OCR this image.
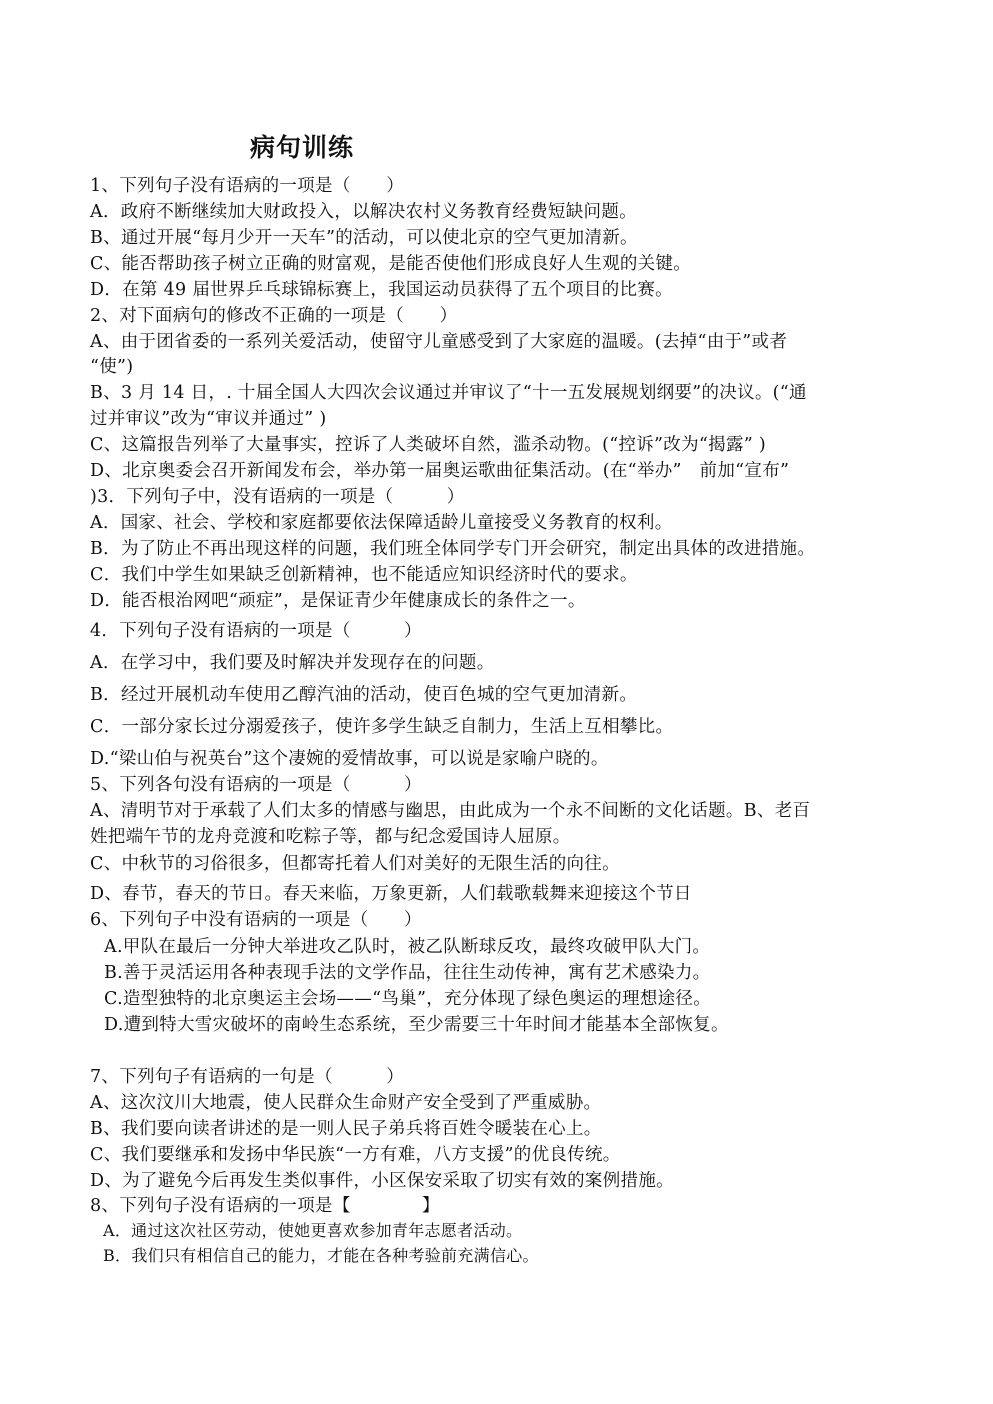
病句训练
1、下列句子没有语病的一项是（　　）
A．政府不断继续加大财政投入，以解决农村义务教育经费短缺问题。
B、通过开展“每月少开一天车”的活动，可以使北京的空气更加清新。
C、能否帮助孩子树立正确的财富观，是能否使他们形成良好人生观的关键。
D．在第 49 届世界乒乓球锦标赛上，我国运动员获得了五个项目的比赛。
2、对下面病句的修改不正确的一项是（　　）
A、由于团省委的一系列关爱活动，使留守儿童感受到了大家庭的温暖。(去掉“由于”或者
“使”)
B、3 月 14 日，. 十届全国人大四次会议通过并审议了“十一五发展规划纲要”的决议。(“通
过并审议”改为“审议并通过” )
C、这篇报告列举了大量事实，控诉了人类破坏自然，滥杀动物。(“控诉”改为“揭露” )
D、北京奥委会召开新闻发布会，举办第一届奥运歌曲征集活动。(在“举办”　前加“宣布”
)3．下列句子中，没有语病的一项是（　　　）
A．国家、社会、学校和家庭都要依法保障适龄儿童接受义务教育的权利。
B．为了防止不再出现这样的问题，我们班全体同学专门开会研究，制定出具体的改进措施。
C．我们中学生如果缺乏创新精神，也不能适应知识经济时代的要求。
D．能否根治网吧“顽症”，是保证青少年健康成长的条件之一。
4．下列句子没有语病的一项是（　　　）
A．在学习中，我们要及时解决并发现存在的问题。
B．经过开展机动车使用乙醇汽油的活动，使百色城的空气更加清新。
C．一部分家长过分溺爱孩子，使许多学生缺乏自制力，生活上互相攀比。
D.“梁山伯与祝英台”这个凄婉的爱情故事，可以说是家喻户晓的。
5、下列各句没有语病的一项是（　　　）
A、清明节对于承载了人们太多的情感与幽思，由此成为一个永不间断的文化话题。B、老百
姓把端午节的龙舟竞渡和吃粽子等，都与纪念爱国诗人屈原。
C、中秋节的习俗很多，但都寄托着人们对美好的无限生活的向往。
D、春节，春天的节日。春天来临，万象更新，人们载歌载舞来迎接这个节日
6、下列句子中没有语病的一项是（　　）
A.甲队在最后一分钟大举进攻乙队时，被乙队断球反攻，最终攻破甲队大门。
B.善于灵活运用各种表现手法的文学作品，往往生动传神，寓有艺术感染力。
C.造型独特的北京奥运主会场——“鸟巢”，充分体现了绿色奥运的理想途径。
D.遭到特大雪灾破坏的南岭生态系统，至少需要三十年时间才能基本全部恢复。
7、下列句子有语病的一句是（　　　）
A、这次汶川大地震，使人民群众生命财产安全受到了严重威胁。
B、我们要向读者讲述的是一则人民子弟兵将百姓令暖装在心上。
C、我们要继承和发扬中华民族“一方有难，八方支援”的优良传统。
D、为了避免今后再发生类似事件，小区保安采取了切实有效的案例措施。
8、下列句子没有语病的一项是【　　　　】
A．通过这次社区劳动，使她更喜欢参加青年志愿者活动。
B．我们只有相信自己的能力，才能在各种考验前充满信心。
